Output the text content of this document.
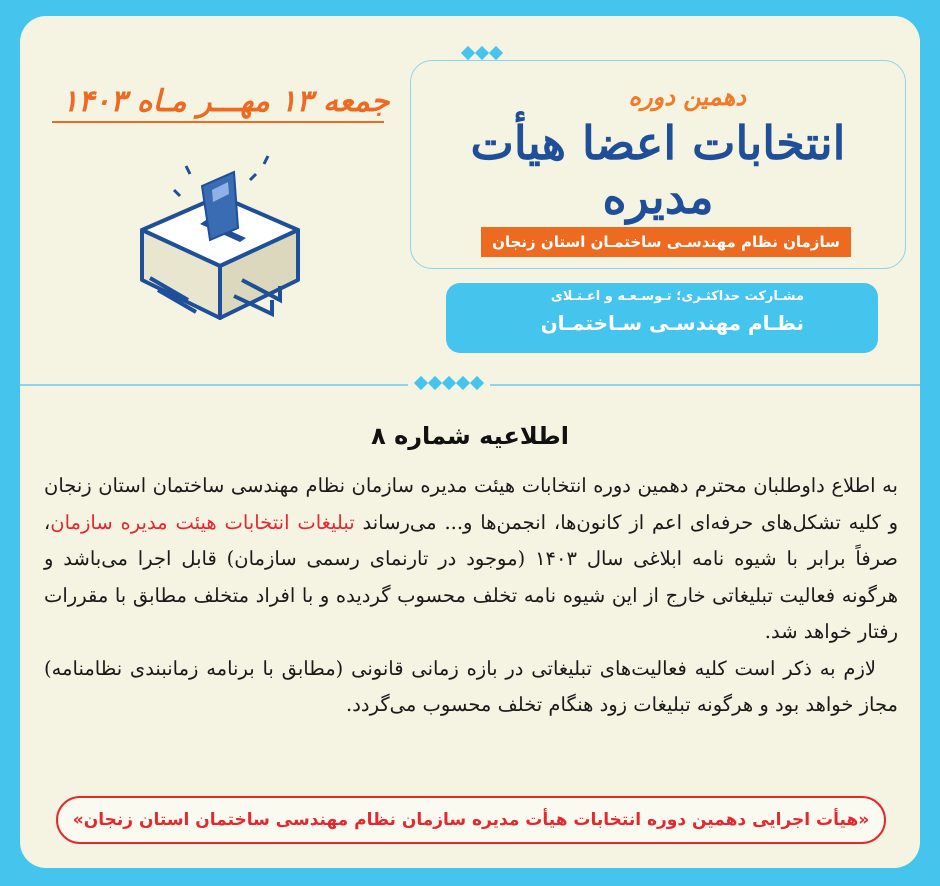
دهمین دوره
انتخابات اعضا هیأت مدیره
سازمان نظام مهندسـی ساختمـان استان زنجان
مشـارکت حداکثـری؛ تـوسـعـه و اعـتـلای
نظـام مهندسـی سـاختمـان
جمعه ۱۳ مهـــر مـاه ۱۴۰۳
اطلاعیه شماره ۸

به اطلاع داوطلبان محترم دهمین دوره انتخابات هیئت مدیره سازمان نظام مهندسی ساختمان استان زنجان و کلیه تشکل‌های حرفه‌ای اعم از کانون‌ها، انجمن‌ها و... می‌رساند تبلیغات انتخابات هیئت مدیره سازمان، صرفاً برابر با شیوه نامه ابلاغی سال ۱۴۰۳ (موجود در تارنمای رسمی سازمان) قابل اجرا می‌باشد و هرگونه فعالیت تبلیغاتی خارج از این شیوه نامه تخلف محسوب گردیده و با افراد متخلف مطابق با مقررات رفتار خواهد شد.

لازم به ذکر است کلیه فعالیت‌های تبلیغاتی در بازه زمانی قانونی (مطابق با برنامه زمانبندی نظامنامه) مجاز خواهد بود و هرگونه تبلیغات زود هنگام تخلف محسوب می‌گردد.

«هیأت اجرایی دهمین دوره انتخابات هیأت مدیره سازمان نظام مهندسی ساختمان استان زنجان»
